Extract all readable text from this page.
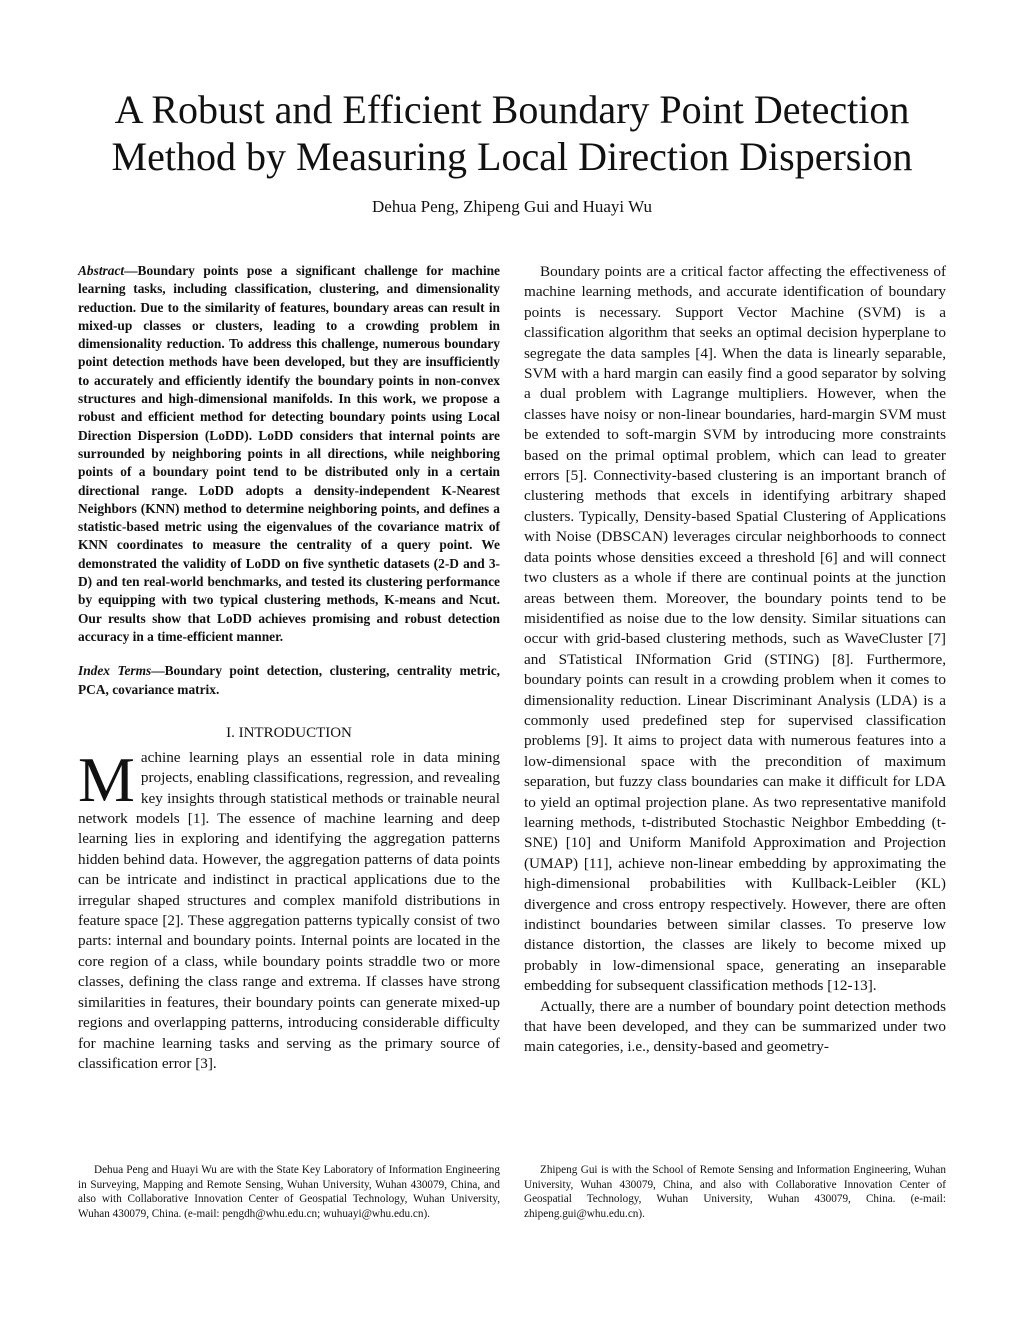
A Robust and Efficient Boundary Point Detection
Method by Measuring Local Direction Dispersion
Dehua Peng, Zhipeng Gui and Huayi Wu

Abstract—Boundary points pose a significant challenge for machine learning tasks, including classification, clustering, and dimensionality reduction. Due to the similarity of features, boundary areas can result in mixed-up classes or clusters, leading to a crowding problem in dimensionality reduction. To address this challenge, numerous boundary point detection methods have been developed, but they are insufficiently to accurately and efficiently identify the boundary points in non-convex structures and high-dimensional manifolds. In this work, we propose a robust and efficient method for detecting boundary points using Local Direction Dispersion (LoDD). LoDD considers that internal points are surrounded by neighboring points in all directions, while neighboring points of a boundary point tend to be distributed only in a certain directional range. LoDD adopts a density-independent K-Nearest Neighbors (KNN) method to determine neighboring points, and defines a statistic-based metric using the eigenvalues of the covariance matrix of KNN coordinates to measure the centrality of a query point. We demonstrated the validity of LoDD on five synthetic datasets (2-D and 3-D) and ten real-world benchmarks, and tested its clustering performance by equipping with two typical clustering methods, K-means and Ncut. Our results show that LoDD achieves promising and robust detection accuracy in a time-efficient manner.

Index Terms—Boundary point detection, clustering, centrality metric, PCA, covariance matrix.

I. INTRODUCTION

Machine learning plays an essential role in data mining projects, enabling classifications, regression, and revealing key insights through statistical methods or trainable neural network models [1]. The essence of machine learning and deep learning lies in exploring and identifying the aggregation patterns hidden behind data. However, the aggregation patterns of data points can be intricate and indistinct in practical applications due to the irregular shaped structures and complex manifold distributions in feature space [2]. These aggregation patterns typically consist of two parts: internal and boundary points. Internal points are located in the core region of a class, while boundary points straddle two or more classes, defining the class range and extrema. If classes have strong similarities in features, their boundary points can generate mixed-up regions and overlapping patterns, introducing considerable difficulty for machine learning tasks and serving as the primary source of classification error [3].

Boundary points are a critical factor affecting the effectiveness of machine learning methods, and accurate identification of boundary points is necessary. Support Vector Machine (SVM) is a classification algorithm that seeks an optimal decision hyperplane to segregate the data samples [4]. When the data is linearly separable, SVM with a hard margin can easily find a good separator by solving a dual problem with Lagrange multipliers. However, when the classes have noisy or non-linear boundaries, hard-margin SVM must be extended to soft-margin SVM by introducing more constraints based on the primal optimal problem, which can lead to greater errors [5]. Connectivity-based clustering is an important branch of clustering methods that excels in identifying arbitrary shaped clusters. Typically, Density-based Spatial Clustering of Applications with Noise (DBSCAN) leverages circular neighborhoods to connect data points whose densities exceed a threshold [6] and will connect two clusters as a whole if there are continual points at the junction areas between them. Moreover, the boundary points tend to be misidentified as noise due to the low density. Similar situations can occur with grid-based clustering methods, such as WaveCluster [7] and STatistical INformation Grid (STING) [8]. Furthermore, boundary points can result in a crowding problem when it comes to dimensionality reduction. Linear Discriminant Analysis (LDA) is a commonly used predefined step for supervised classification problems [9]. It aims to project data with numerous features into a low-dimensional space with the precondition of maximum separation, but fuzzy class boundaries can make it difficult for LDA to yield an optimal projection plane. As two representative manifold learning methods, t-distributed Stochastic Neighbor Embedding (t-SNE) [10] and Uniform Manifold Approximation and Projection (UMAP) [11], achieve non-linear embedding by approximating the high-dimensional probabilities with Kullback-Leibler (KL) divergence and cross entropy respectively. However, there are often indistinct boundaries between similar classes. To preserve low distance distortion, the classes are likely to become mixed up probably in low-dimensional space, generating an inseparable embedding for subsequent classification methods [12-13].

Actually, there are a number of boundary point detection methods that have been developed, and they can be summarized under two main categories, i.e., density-based and geometry-

Dehua Peng and Huayi Wu are with the State Key Laboratory of Information Engineering in Surveying, Mapping and Remote Sensing, Wuhan University, Wuhan 430079, China, and also with Collaborative Innovation Center of Geospatial Technology, Wuhan University, Wuhan 430079, China. (e-mail: pengdh@whu.edu.cn; wuhuayi@whu.edu.cn).
Zhipeng Gui is with the School of Remote Sensing and Information Engineering, Wuhan University, Wuhan 430079, China, and also with Collaborative Innovation Center of Geospatial Technology, Wuhan University, Wuhan 430079, China. (e-mail: zhipeng.gui@whu.edu.cn).
